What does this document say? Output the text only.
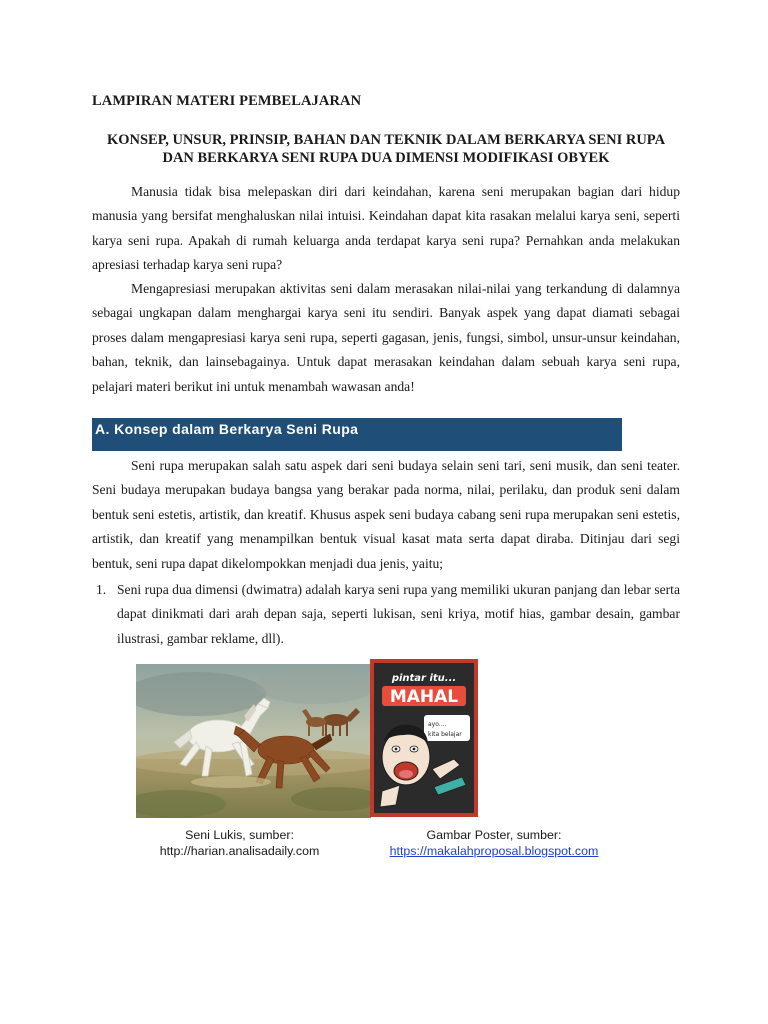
LAMPIRAN MATERI PEMBELAJARAN
KONSEP, UNSUR, PRINSIP, BAHAN DAN TEKNIK DALAM BERKARYA SENI RUPA
DAN BERKARYA SENI RUPA DUA DIMENSI MODIFIKASI OBYEK

Manusia tidak bisa melepaskan diri dari keindahan, karena seni merupakan bagian dari hidup manusia yang bersifat menghaluskan nilai intuisi. Keindahan dapat kita rasakan melalui karya seni, seperti karya seni rupa. Apakah di rumah keluarga anda terdapat karya seni rupa? Pernahkan anda melakukan apresiasi terhadap karya seni rupa?

Mengapresiasi merupakan aktivitas seni dalam merasakan nilai-nilai yang terkandung di dalamnya sebagai ungkapan dalam menghargai karya seni itu sendiri. Banyak aspek yang dapat diamati sebagai proses dalam mengapresiasi karya seni rupa, seperti gagasan, jenis, fungsi, simbol, unsur-unsur keindahan, bahan, teknik, dan lainsebagainya. Untuk dapat merasakan keindahan dalam sebuah karya seni rupa, pelajari materi berikut ini untuk menambah wawasan anda!

A. Konsep dalam Berkarya Seni Rupa

Seni rupa merupakan salah satu aspek dari seni budaya selain seni tari, seni musik, dan seni teater. Seni budaya merupakan budaya bangsa yang berakar pada norma, nilai, perilaku, dan produk seni dalam bentuk seni estetis, artistik, dan kreatif. Khusus aspek seni budaya cabang seni rupa merupakan seni estetis, artistik, dan kreatif yang menampilkan bentuk visual kasat mata serta dapat diraba. Ditinjau dari segi bentuk, seni rupa dapat dikelompokkan menjadi dua jenis, yaitu;

1. Seni rupa dua dimensi (dwimatra) adalah karya seni rupa yang memiliki ukuran panjang dan lebar serta dapat dinikmati dari arah depan saja, seperti lukisan, seni kriya, motif hias, gambar desain, gambar ilustrasi, gambar reklame, dll).

pintar itu...
MAHAL
ayo....
kita belajar
Seni Lukis, sumber:
http://harian.analisadaily.com
Gambar Poster, sumber:
https://makalahproposal.blogspot.com
